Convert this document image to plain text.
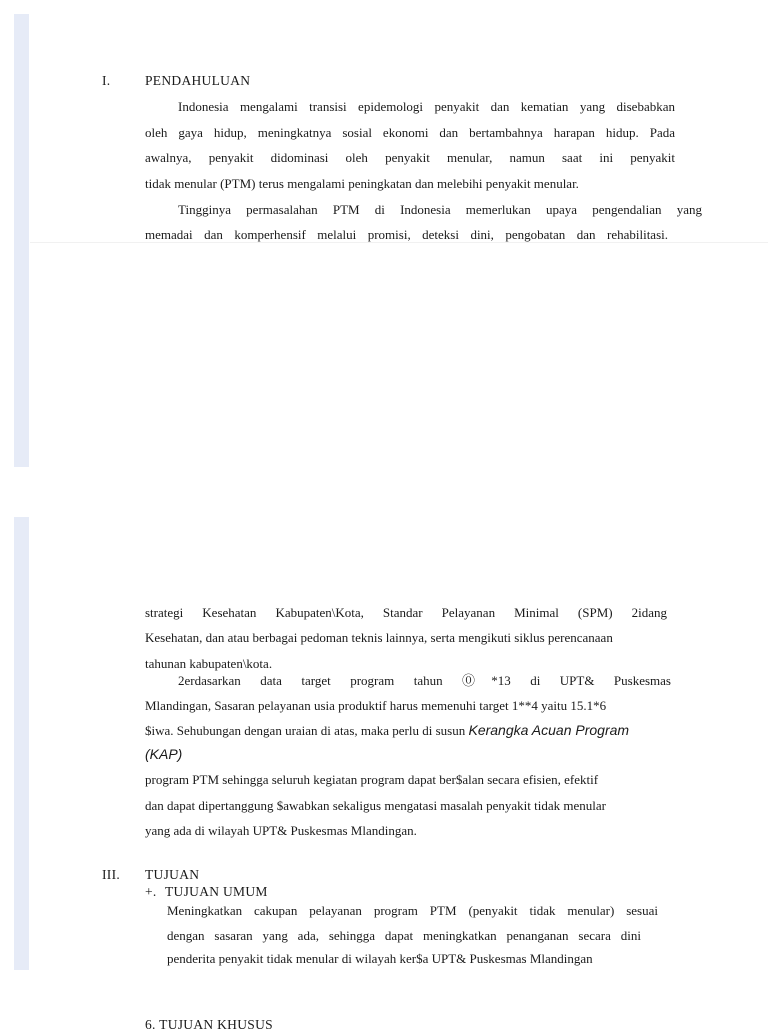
I.	PENDAHULUAN
Indonesia mengalami transisi epidemologi penyakit dan kematian yang disebabkan
oleh gaya hidup, meningkatnya sosial ekonomi dan bertambahnya harapan hidup. Pada
awalnya, penyakit didominasi oleh penyakit menular, namun saat ini penyakit
tidak menular (PTM) terus mengalami peningkatan dan melebihi penyakit menular.
Tingginya permasalahan PTM di Indonesia memerlukan upaya pengendalian yang
memadai dan komperhensif melalui promisi, deteksi dini, pengobatan dan rehabilitasi.
strategi Kesehatan Kabupaten\Kota, Standar Pelayanan Minimal (SPM) 2idang
Kesehatan, dan atau berbagai pedoman teknis lainnya, serta mengikuti siklus perencanaan
tahunan kabupaten\kota.
2erdasarkan data target program tahun ⓪*13 di UPT& Puskesmas
Mlandingan, Sasaran pelayanan usia produktif harus memenuhi target 1**4 yaitu 15.1*6
$iwa. Sehubungan dengan uraian di atas, maka perlu di susun Kerangka Acuan Program
(KAP)
program PTM sehingga seluruh kegiatan program dapat ber$alan secara efisien, efektif
dan dapat dipertanggung $awabkan sekaligus mengatasi masalah penyakit tidak menular
yang ada di wilayah UPT& Puskesmas Mlandingan.
III. TUJUAN
+. TUJUAN UMUM
Meningkatkan cakupan pelayanan program PTM (penyakit tidak menular) sesuai
dengan sasaran yang ada, sehingga dapat meningkatkan penanganan secara dini
penderita penyakit tidak menular di wilayah ker$a UPT& Puskesmas Mlandingan
6. TUJUAN KHUSUS
